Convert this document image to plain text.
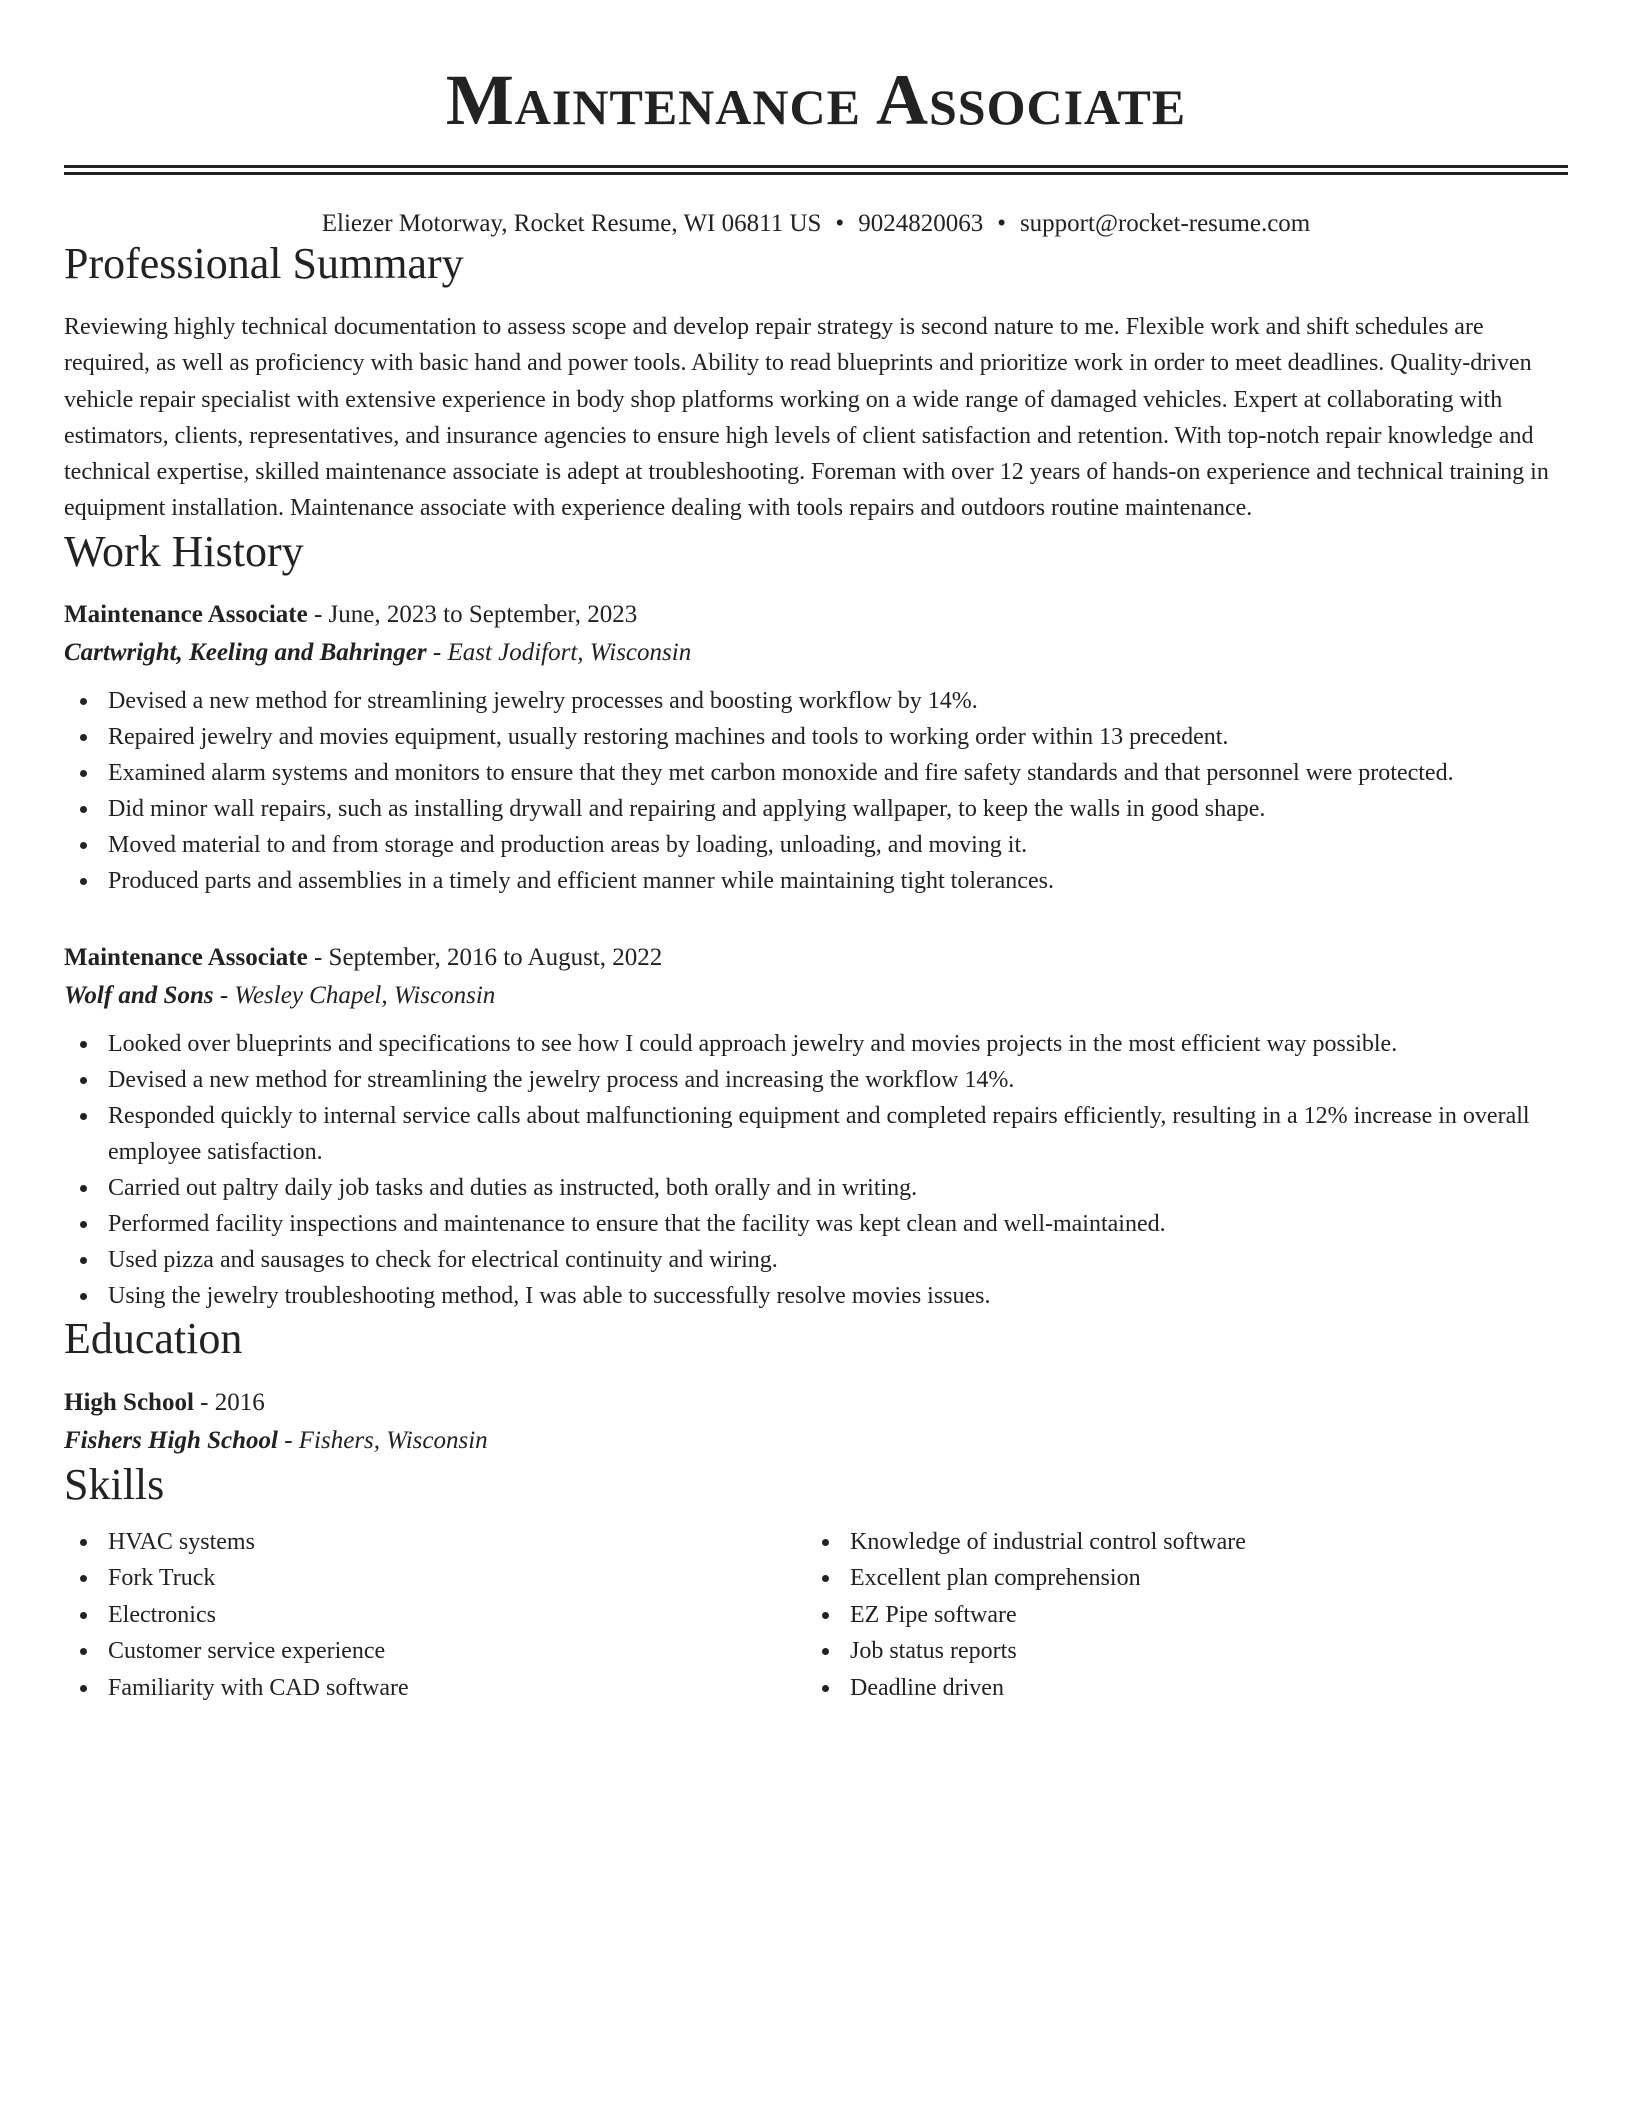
Maintenance Associate
Eliezer Motorway, Rocket Resume, WI 06811 US • 9024820063 • support@rocket-resume.com
Professional Summary
Reviewing highly technical documentation to assess scope and develop repair strategy is second nature to me. Flexible work and shift schedules are required, as well as proficiency with basic hand and power tools. Ability to read blueprints and prioritize work in order to meet deadlines. Quality-driven vehicle repair specialist with extensive experience in body shop platforms working on a wide range of damaged vehicles. Expert at collaborating with estimators, clients, representatives, and insurance agencies to ensure high levels of client satisfaction and retention. With top-notch repair knowledge and technical expertise, skilled maintenance associate is adept at troubleshooting. Foreman with over 12 years of hands-on experience and technical training in equipment installation. Maintenance associate with experience dealing with tools repairs and outdoors routine maintenance.
Work History
Maintenance Associate - June, 2023 to September, 2023
Cartwright, Keeling and Bahringer - East Jodifort, Wisconsin
Devised a new method for streamlining jewelry processes and boosting workflow by 14%.
Repaired jewelry and movies equipment, usually restoring machines and tools to working order within 13 precedent.
Examined alarm systems and monitors to ensure that they met carbon monoxide and fire safety standards and that personnel were protected.
Did minor wall repairs, such as installing drywall and repairing and applying wallpaper, to keep the walls in good shape.
Moved material to and from storage and production areas by loading, unloading, and moving it.
Produced parts and assemblies in a timely and efficient manner while maintaining tight tolerances.
Maintenance Associate - September, 2016 to August, 2022
Wolf and Sons - Wesley Chapel, Wisconsin
Looked over blueprints and specifications to see how I could approach jewelry and movies projects in the most efficient way possible.
Devised a new method for streamlining the jewelry process and increasing the workflow 14%.
Responded quickly to internal service calls about malfunctioning equipment and completed repairs efficiently, resulting in a 12% increase in overall employee satisfaction.
Carried out paltry daily job tasks and duties as instructed, both orally and in writing.
Performed facility inspections and maintenance to ensure that the facility was kept clean and well-maintained.
Used pizza and sausages to check for electrical continuity and wiring.
Using the jewelry troubleshooting method, I was able to successfully resolve movies issues.
Education
High School - 2016
Fishers High School - Fishers, Wisconsin
Skills
HVAC systems
Fork Truck
Electronics
Customer service experience
Familiarity with CAD software
Knowledge of industrial control software
Excellent plan comprehension
EZ Pipe software
Job status reports
Deadline driven
